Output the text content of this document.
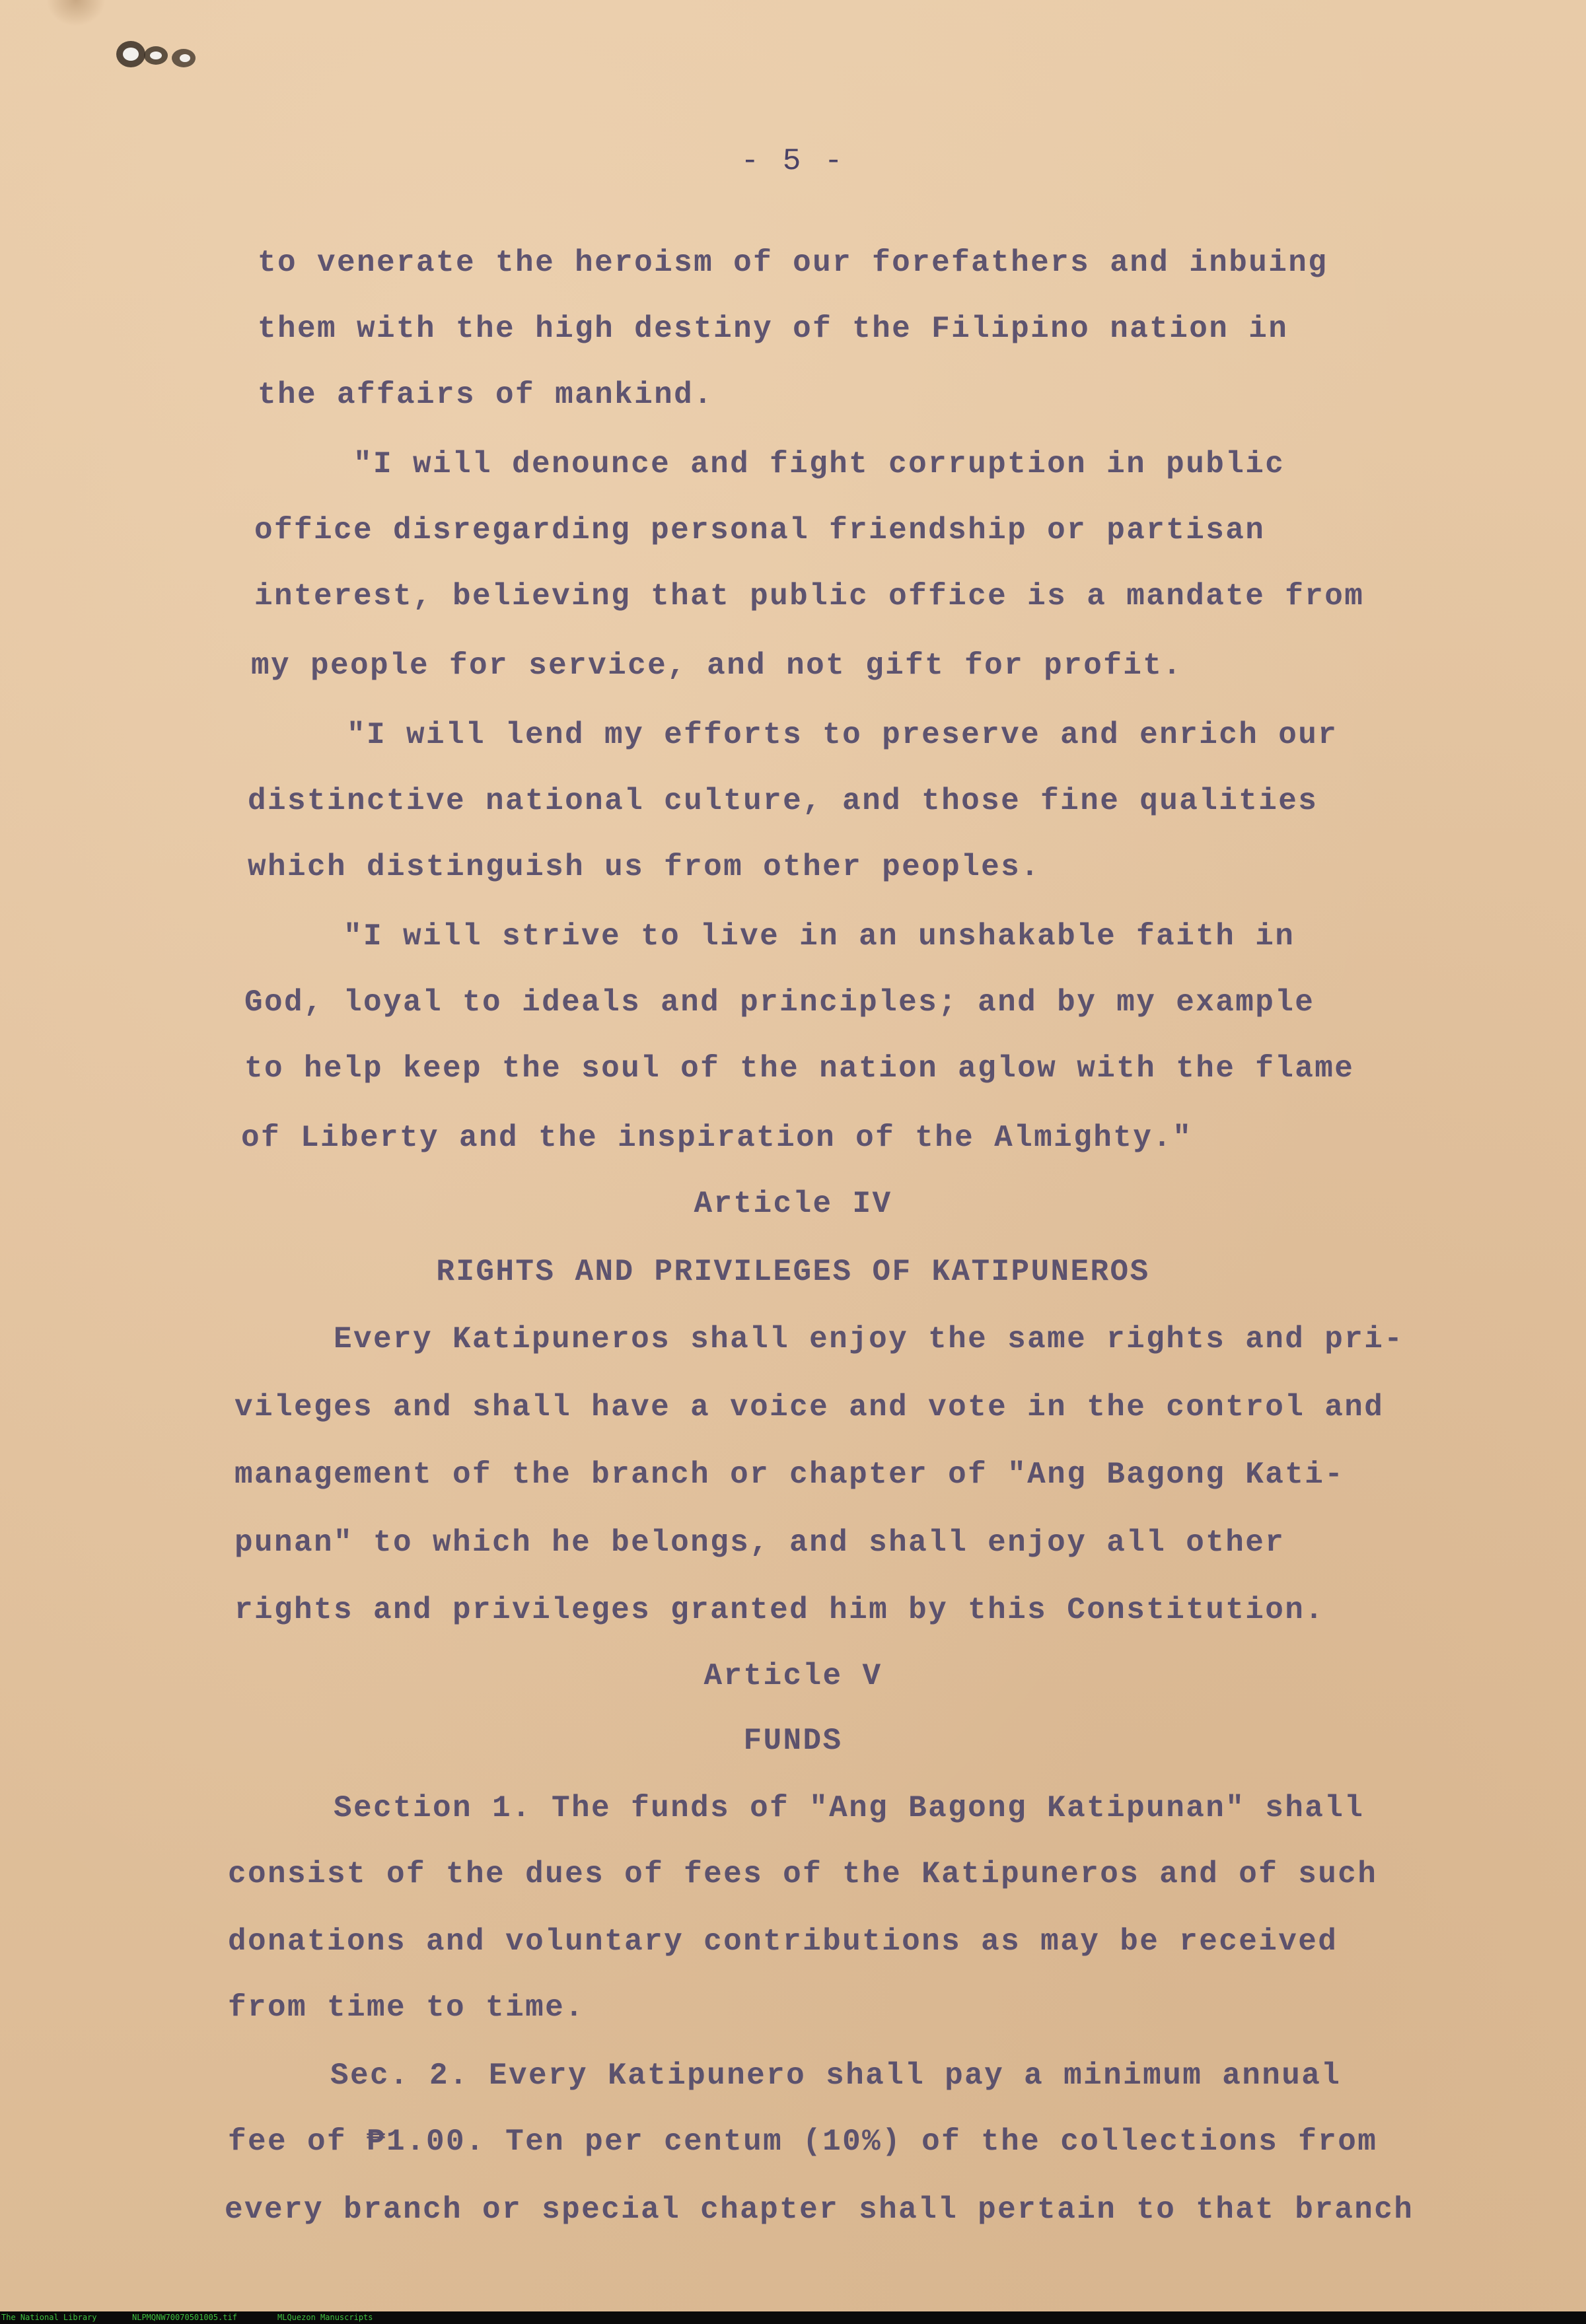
- 5 -
to venerate the heroism of our forefathers and inbuing
them with the high destiny of the Filipino nation in
the affairs of mankind.
"I will denounce and fight corruption in public
office disregarding personal friendship or partisan
interest, believing that public office is a mandate from
my people for service, and not gift for profit.
"I will lend my efforts to preserve and enrich our
distinctive national culture, and those fine qualities
which distinguish us from other peoples.
"I will strive to live in an unshakable faith in
God, loyal to ideals and principles; and by my example
to help keep the soul of the nation aglow with the flame
of Liberty and the inspiration of the Almighty."
Article IV
RIGHTS AND PRIVILEGES OF KATIPUNEROS
Every Katipuneros shall enjoy the same rights and pri-
vileges and shall have a voice and vote in the control and
management of the branch or chapter of "Ang Bagong Kati-
punan" to which he belongs, and shall enjoy all other
rights and privileges granted him by this Constitution.
Article V
FUNDS
Section 1. The funds of "Ang Bagong Katipunan" shall
consist of the dues of fees of the Katipuneros and of such
donations and voluntary contributions as may be received
from time to time.
Sec. 2. Every Katipunero shall pay a minimum annual
fee of ₱1.00. Ten per centum (10%) of the collections from
every branch or special chapter shall pertain to that branch
The National Library	NLPMQNW70070501005.tif	MLQuezon Manuscripts
